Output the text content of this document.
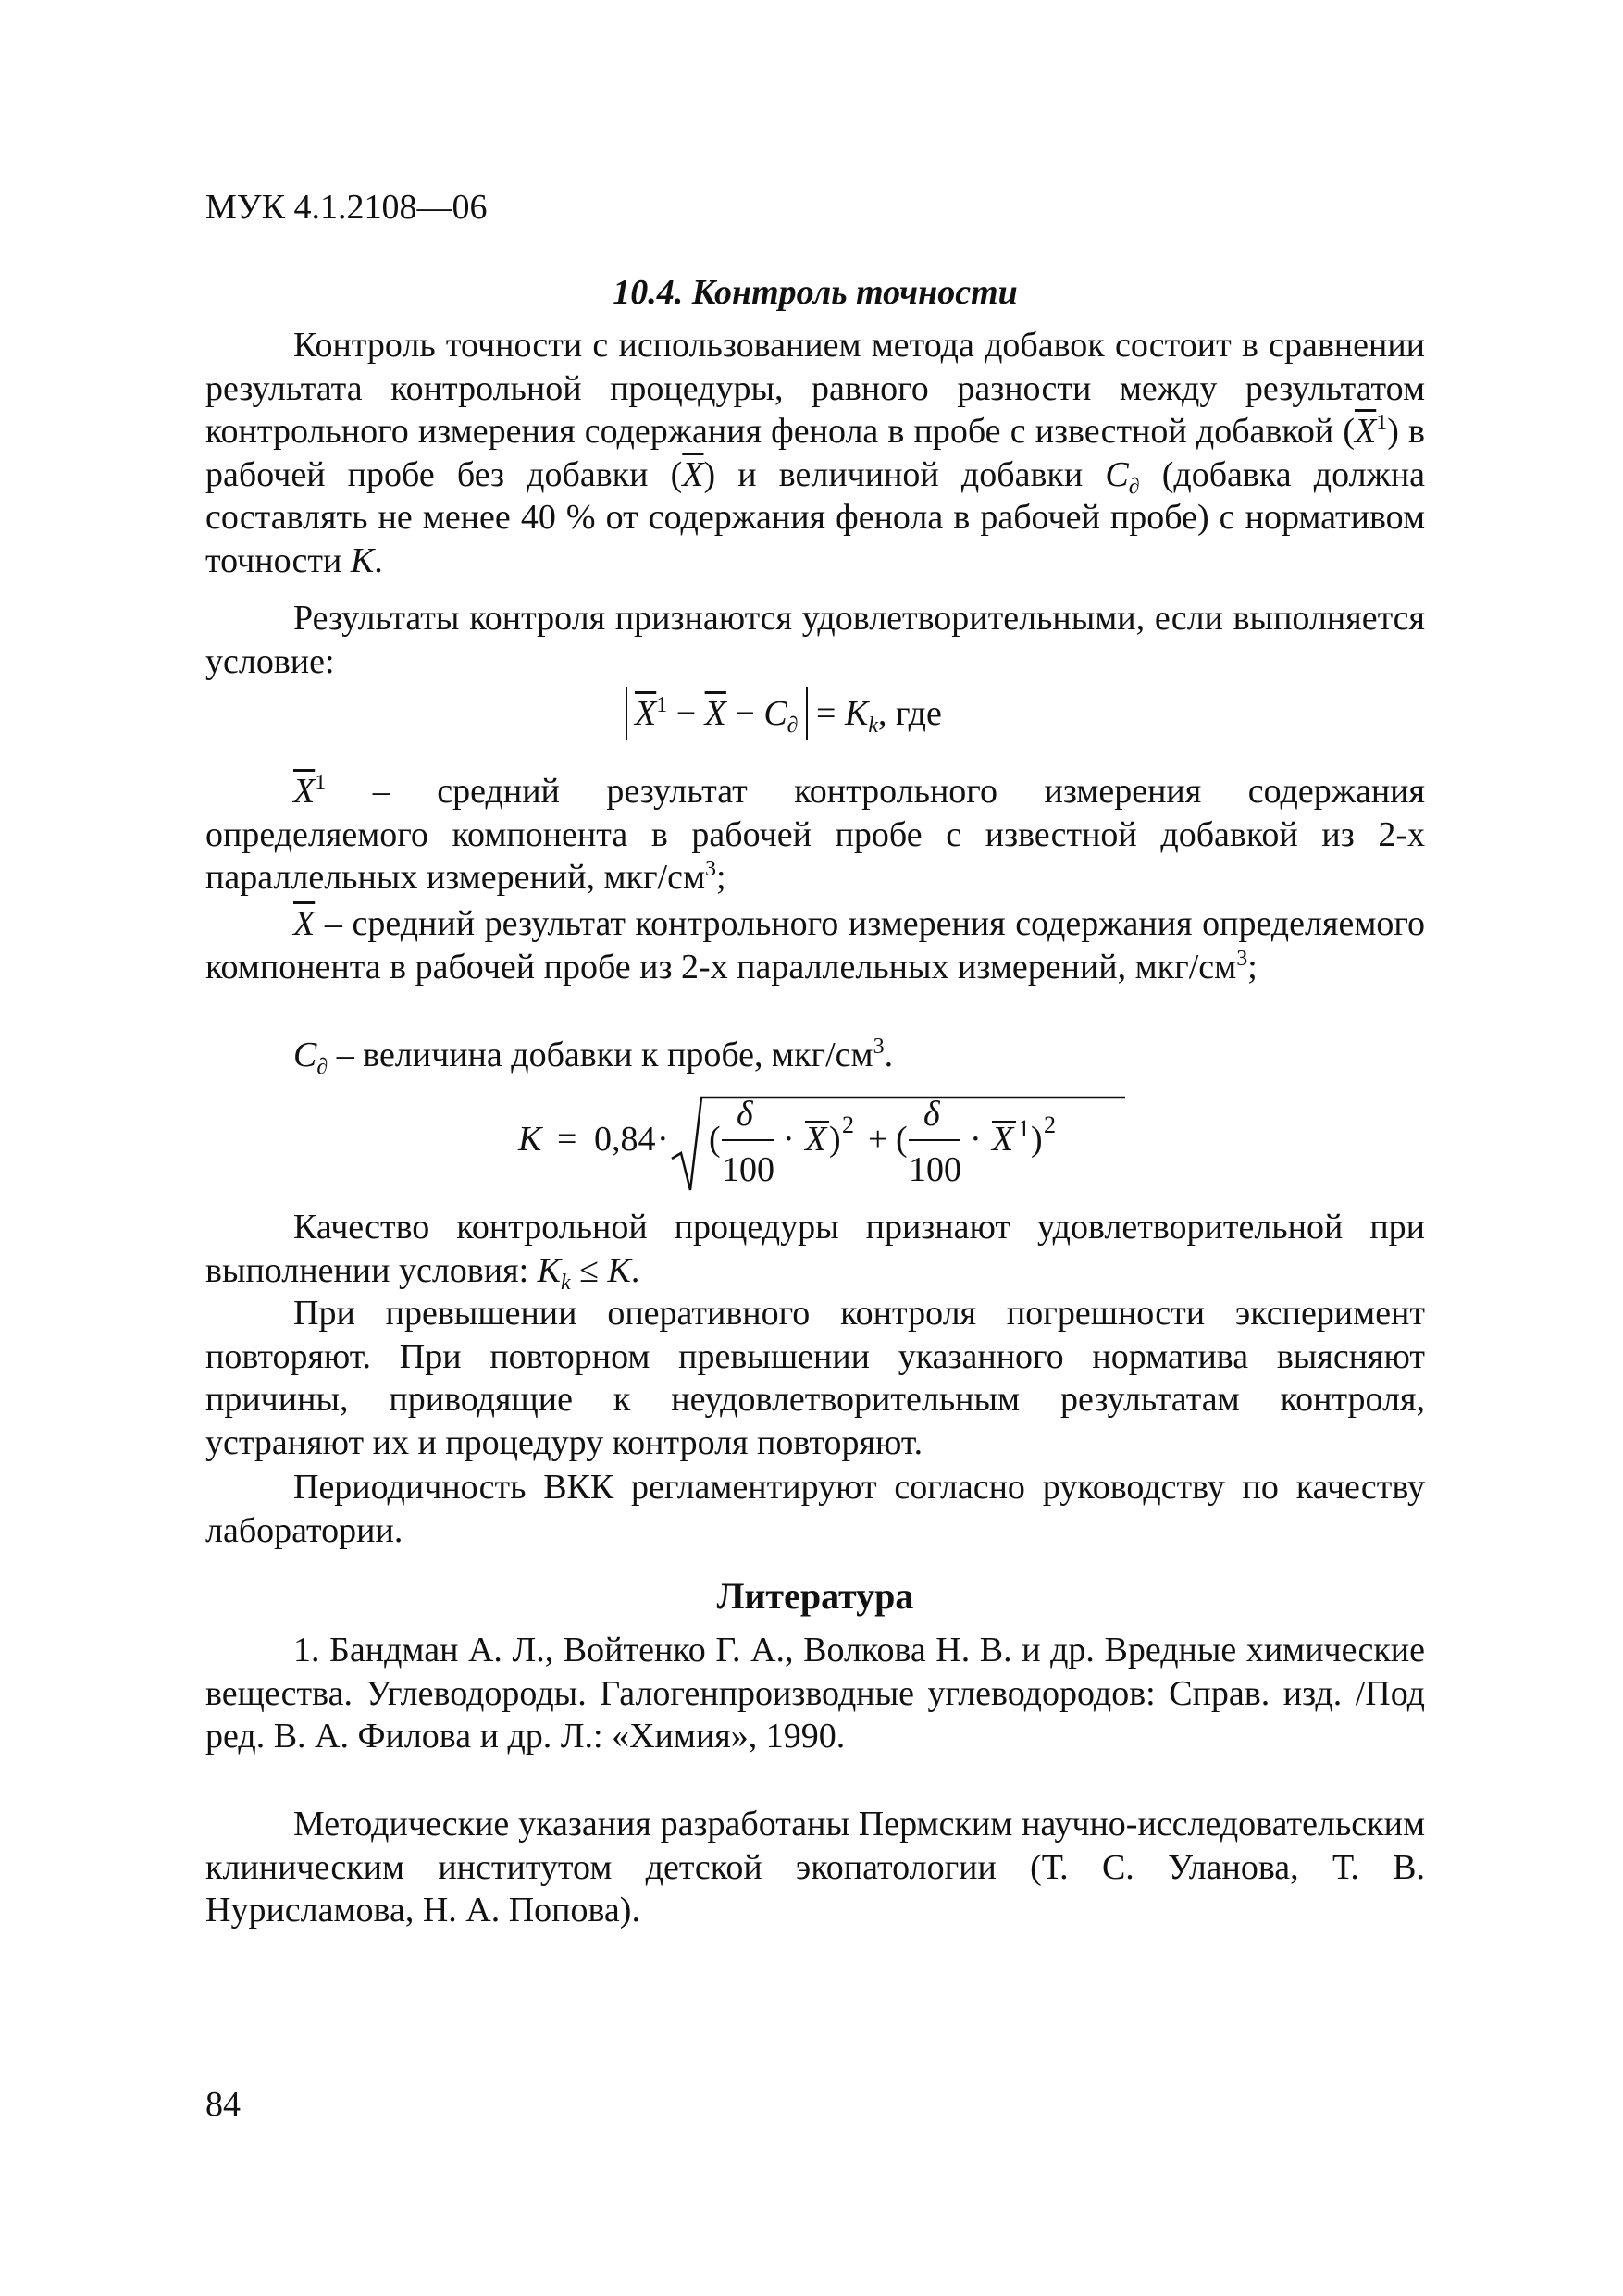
МУК 4.1.2108—06
10.4. Контроль точности
Контроль точности с использованием метода добавок состоит в сравнении результата контрольной процедуры, равного разности между результатом контрольного измерения содержания фенола в пробе с известной добавкой $(\overline{X}^1)$ в рабочей пробе без добавки $(\overline{X})$ и величиной добавки $C_\partial$ (добавка должна составлять не менее 40 % от содержания фенола в рабочей пробе) с нормативом точности K.
Результаты контроля признаются удовлетворительными, если выполняется условие:
$\overline{X}^1 - \overline{X} - C_\partial = K_k$, где
$\overline{X}^1$ – средний результат контрольного измерения содержания определяемого компонента в рабочей пробе с известной добавкой из 2-х параллельных измерений, мкг/$см^3$;
$\overline{X}$ – средний результат контрольного измерения содержания определяемого компонента в рабочей пробе из 2-х параллельных измерений, мкг/$см^3$;
$C_\partial$ – величина добавки к пробе, мкг/$см^3$.
K = 0,84 · (
δ
100
· X ) 2 + (
δ
100
· X 1 ) 2
Качество контрольной процедуры признают удовлетворительной при выполнении условия: $K_k \le K$.
При превышении оперативного контроля погрешности эксперимент повторяют. При повторном превышении указанного норматива выясняют причины, приводящие к неудовлетворительным результатам контроля, устраняют их и процедуру контроля повторяют.
Периодичность ВКК регламентируют согласно руководству по качеству лаборатории.
Литература
1. Бандман А. Л., Войтенко Г. А., Волкова Н. В. и др. Вредные химические вещества. Углеводороды. Галогенпроизводные углеводородов: Справ. изд. /Под ред. В. А. Филова и др. Л.: «Химия», 1990.
Методические указания разработаны Пермским научно-исследовательским клиническим институтом детской экопатологии (Т. С. Уланова, Т. В. Нурисламова, Н. А. Попова).
84
